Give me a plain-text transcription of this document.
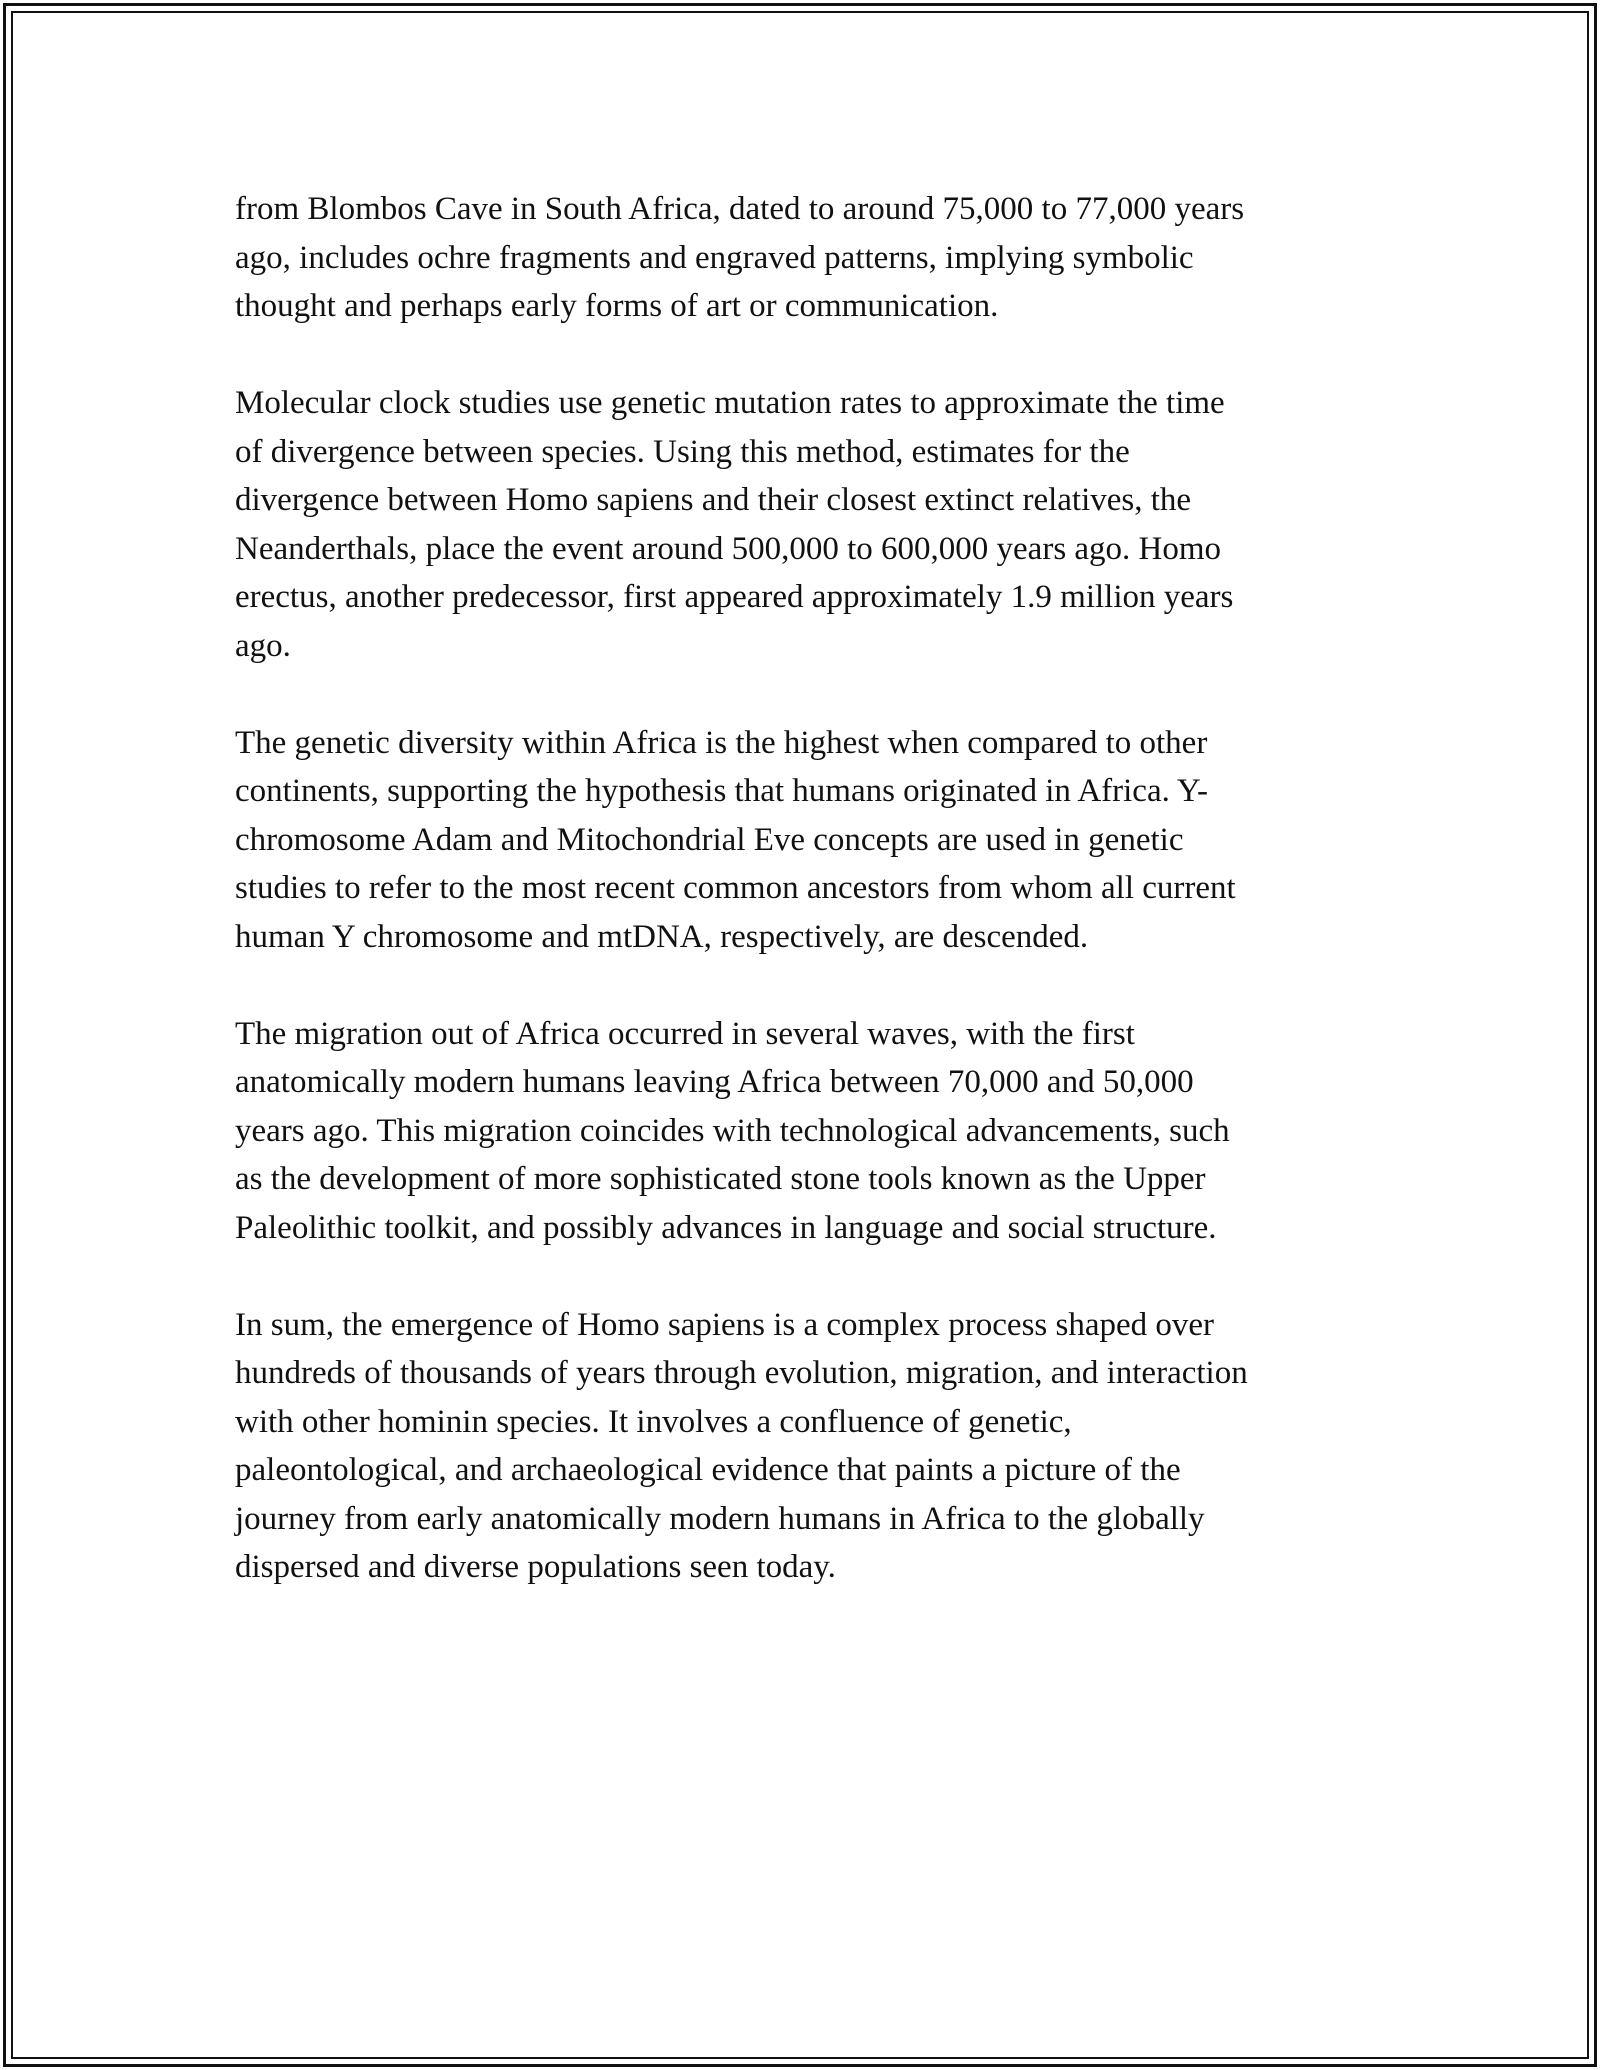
from Blombos Cave in South Africa, dated to around 75,000 to 77,000 years
ago, includes ochre fragments and engraved patterns, implying symbolic
thought and perhaps early forms of art or communication.

Molecular clock studies use genetic mutation rates to approximate the time
of divergence between species. Using this method, estimates for the
divergence between Homo sapiens and their closest extinct relatives, the
Neanderthals, place the event around 500,000 to 600,000 years ago. Homo
erectus, another predecessor, first appeared approximately 1.9 million years
ago.

The genetic diversity within Africa is the highest when compared to other
continents, supporting the hypothesis that humans originated in Africa. Y-
chromosome Adam and Mitochondrial Eve concepts are used in genetic
studies to refer to the most recent common ancestors from whom all current
human Y chromosome and mtDNA, respectively, are descended.

The migration out of Africa occurred in several waves, with the first
anatomically modern humans leaving Africa between 70,000 and 50,000
years ago. This migration coincides with technological advancements, such
as the development of more sophisticated stone tools known as the Upper
Paleolithic toolkit, and possibly advances in language and social structure.

In sum, the emergence of Homo sapiens is a complex process shaped over
hundreds of thousands of years through evolution, migration, and interaction
with other hominin species. It involves a confluence of genetic,
paleontological, and archaeological evidence that paints a picture of the
journey from early anatomically modern humans in Africa to the globally
dispersed and diverse populations seen today.
